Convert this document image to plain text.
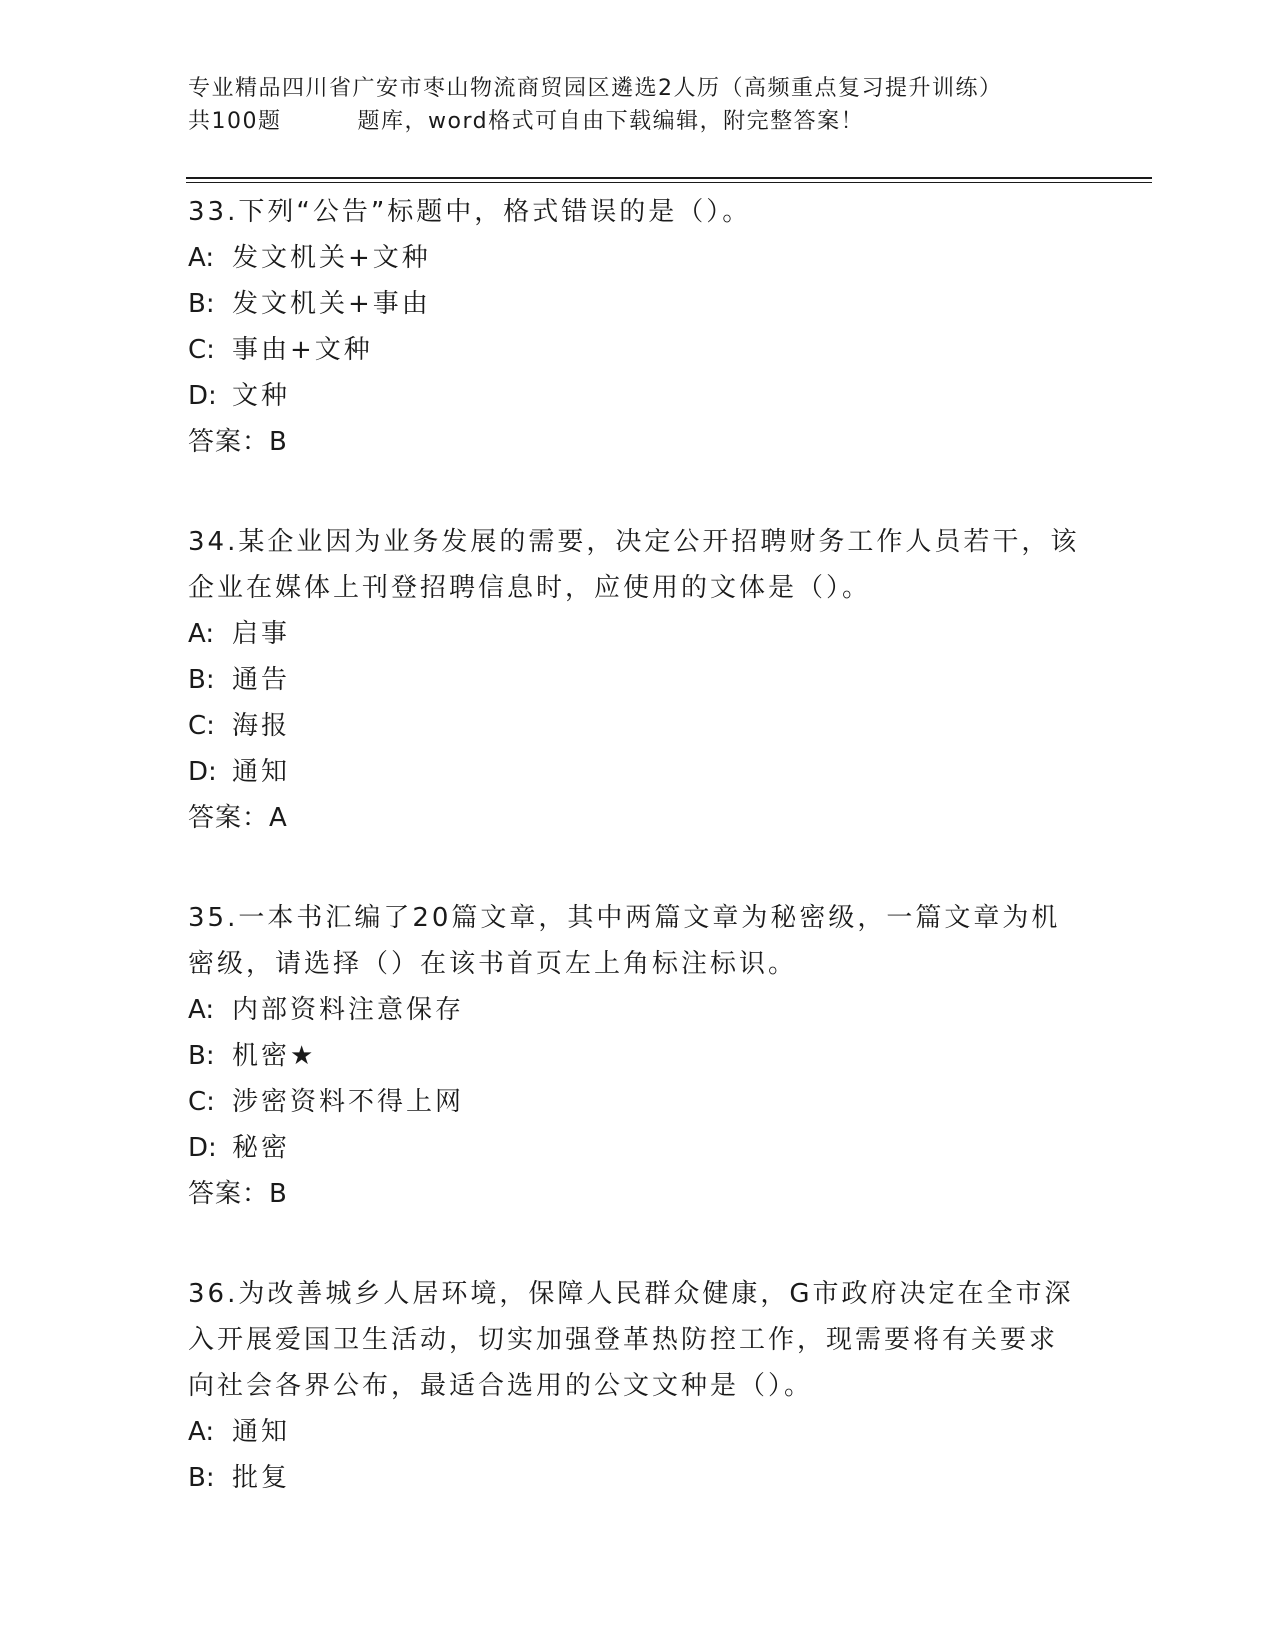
专业精品四川省广安市枣山物流商贸园区遴选2人历（高频重点复习提升训练）
共100题	题库，word格式可自由下载编辑，附完整答案！

33.下列“公告”标题中，格式错误的是（）。

A: 发文机关+文种

B: 发文机关+事由

C: 事由+文种

D: 文种

答案：B

34.某企业因为业务发展的需要，决定公开招聘财务工作人员若干，该

企业在媒体上刊登招聘信息时，应使用的文体是（）。

A: 启事

B: 通告

C: 海报

D: 通知

答案：A

35.一本书汇编了20篇文章，其中两篇文章为秘密级，一篇文章为机

密级，请选择（）在该书首页左上角标注标识。

A: 内部资料注意保存

B: 机密★

C: 涉密资料不得上网

D: 秘密

答案：B

36.为改善城乡人居环境，保障人民群众健康，G市政府决定在全市深

入开展爱国卫生活动，切实加强登革热防控工作，现需要将有关要求

向社会各界公布，最适合选用的公文文种是（）。

A: 通知

B: 批复
